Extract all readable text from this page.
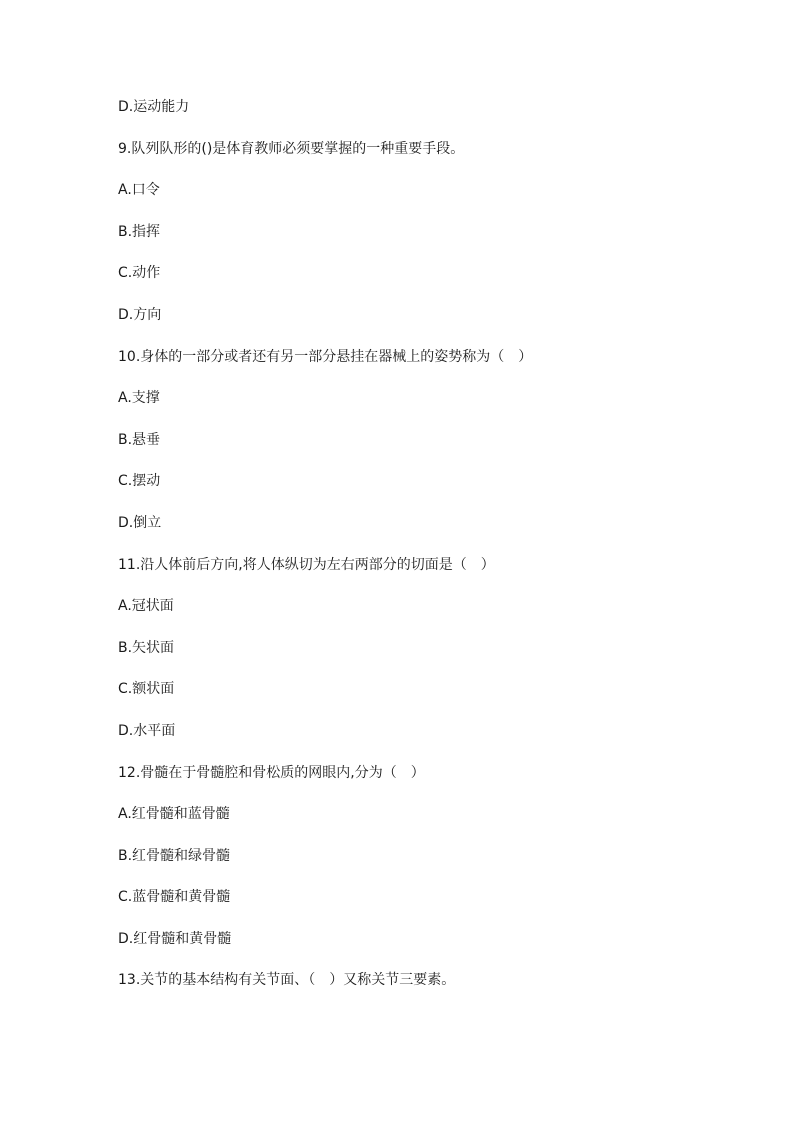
D.运动能力
9.队列队形的()是体育教师必须要掌握的一种重要手段。
A.口令
B.指挥
C.动作
D.方向
10.身体的一部分或者还有另一部分悬挂在器械上的姿势称为（　）
A.支撑
B.悬垂
C.摆动
D.倒立
11.沿人体前后方向,将人体纵切为左右两部分的切面是（　）
A.冠状面
B.矢状面
C.额状面
D.水平面
12.骨髓在于骨髓腔和骨松质的网眼内,分为（　）
A.红骨髓和蓝骨髓
B.红骨髓和绿骨髓
C.蓝骨髓和黄骨髓
D.红骨髓和黄骨髓
13.关节的基本结构有关节面、（　）又称关节三要素。
